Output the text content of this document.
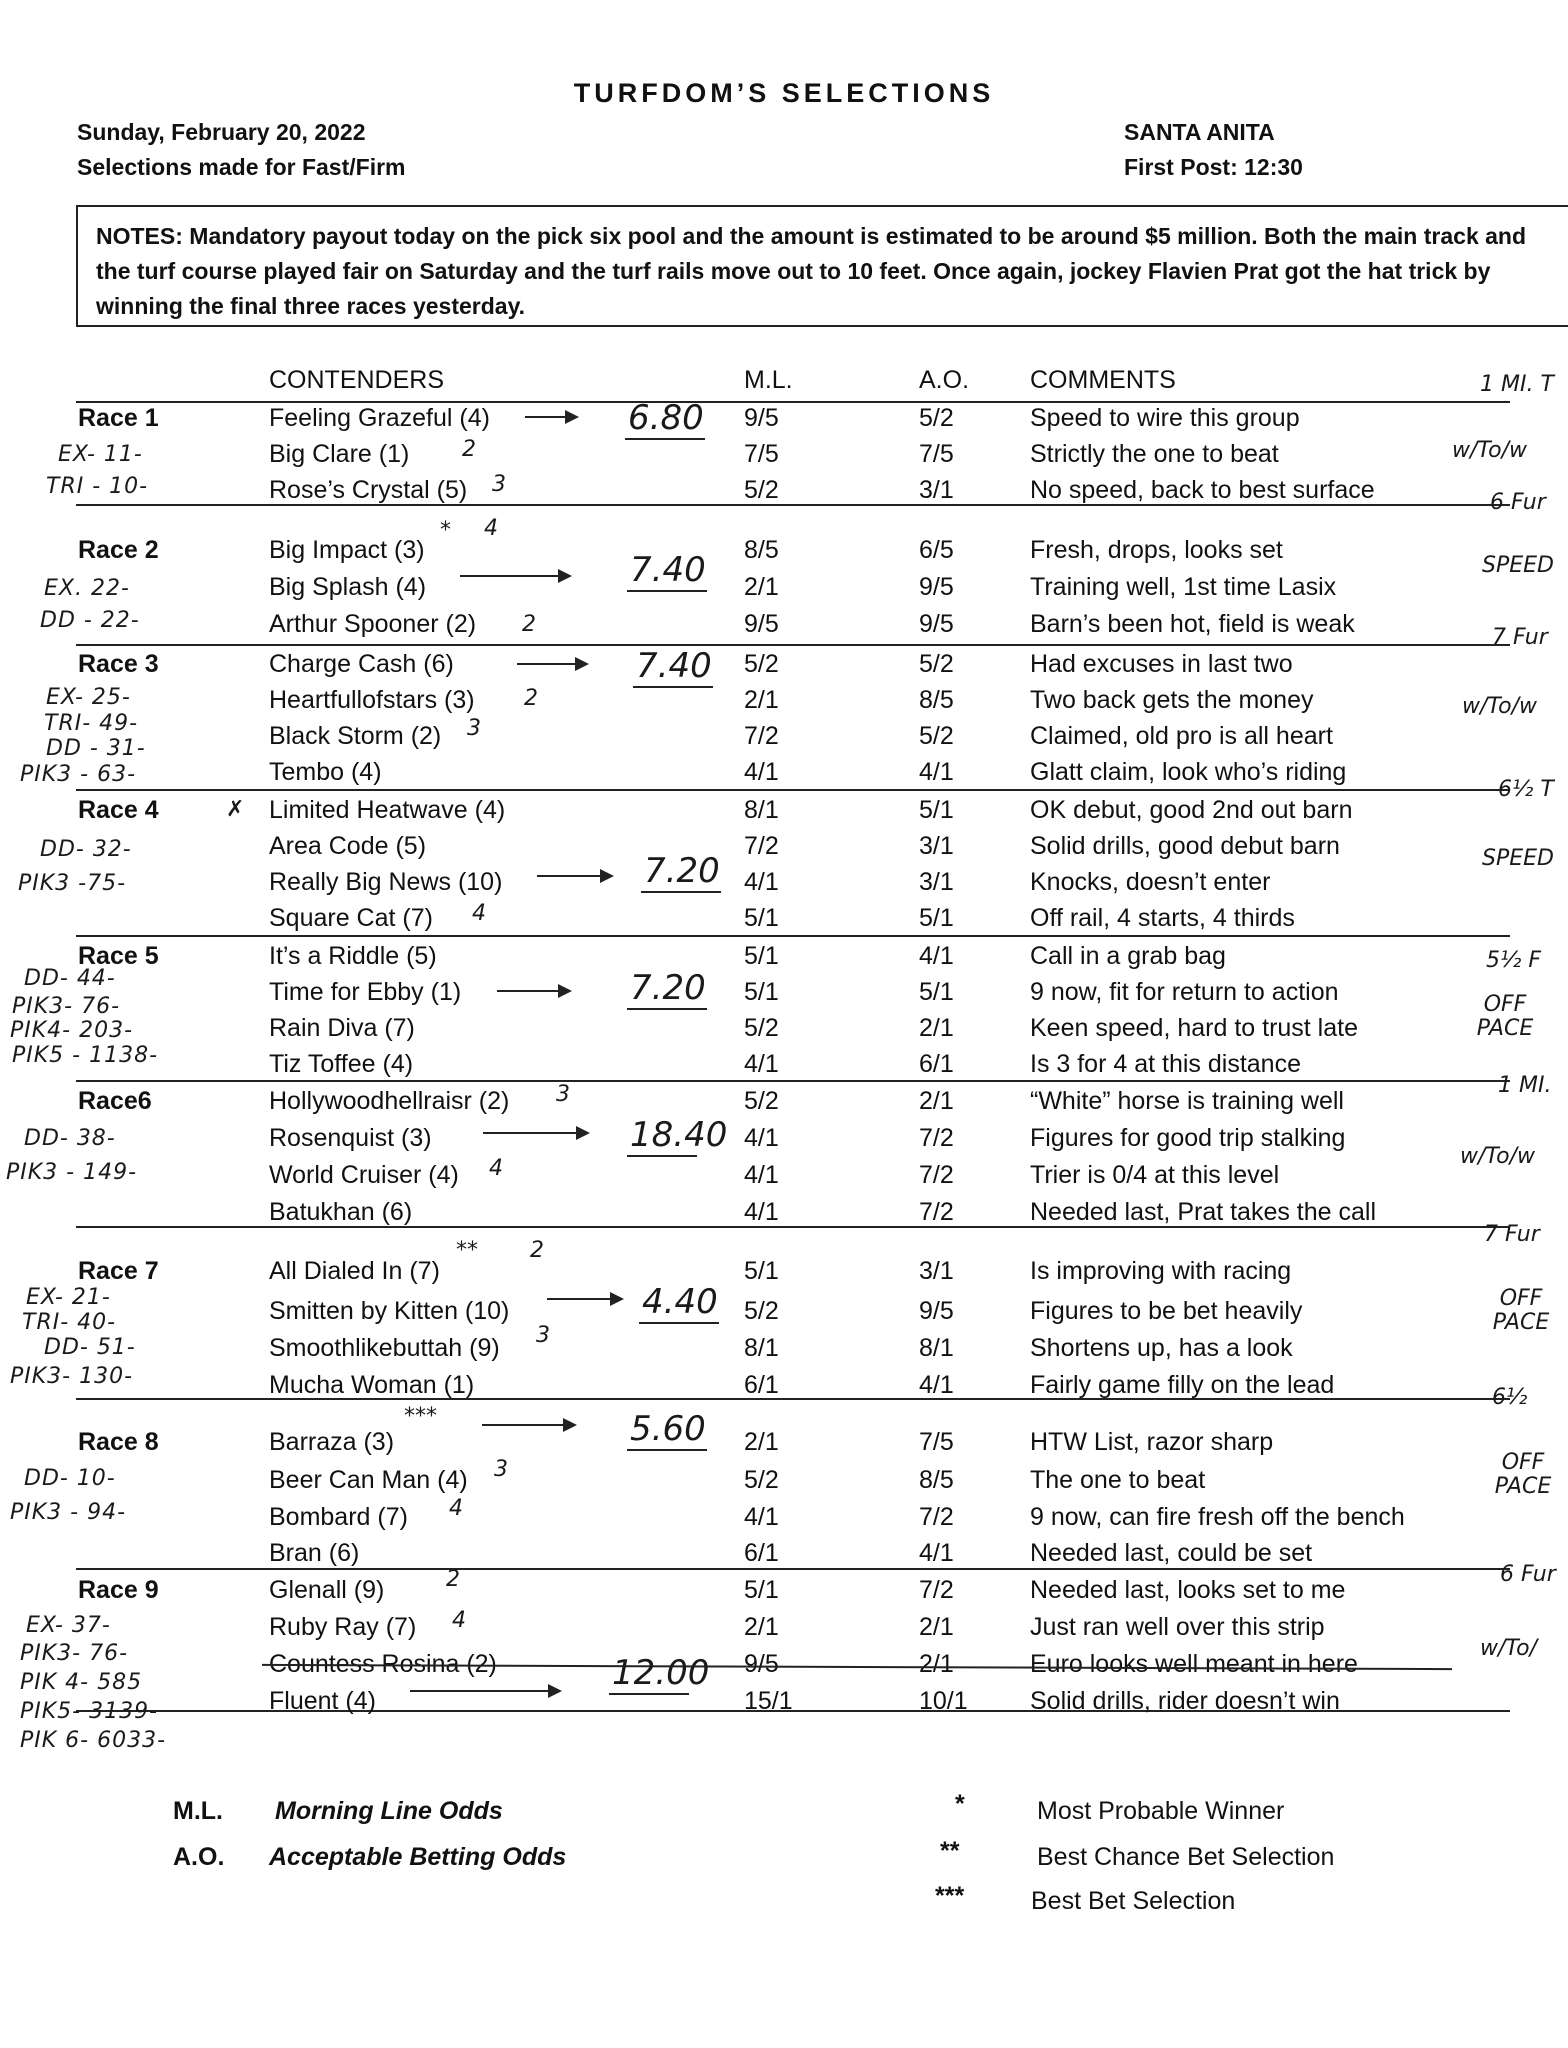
TURFDOM’S SELECTIONS
Sunday, February 20, 2022
Selections made for Fast/Firm
SANTA ANITA
First Post: 12:30
NOTES: Mandatory payout today on the pick six pool and the amount is estimated to be around $5 million. Both the main track and the turf course played fair on Saturday and the turf rails move out to 10 feet. Once again, jockey Flavien Prat got the hat trick by winning the final three races yesterday.
CONTENDERS	M.L.	A.O. COMMENTS
Race 1	Feeling Grazeful (4)	9/5	5/2	Speed to wire this group
Big Clare (1)	7/5	7/5	Strictly the one to beat
Rose’s Crystal (5)	5/2	3/1	No speed, back to best surface
Race 2	Big Impact (3)	8/5	6/5	Fresh, drops, looks set
Big Splash (4)	2/1	9/5	Training well, 1st time Lasix
Arthur Spooner (2)	9/5	9/5	Barn’s been hot, field is weak
Race 3	Charge Cash (6)	5/2	5/2	Had excuses in last two
Heartfullofstars (3)	2/1	8/5	Two back gets the money
Black Storm (2)	7/2	5/2	Claimed, old pro is all heart
Tembo (4)	4/1	4/1	Glatt claim, look who’s riding
Race 4	Limited Heatwave (4)	8/1	5/1	OK debut, good 2nd out barn
Area Code (5)	7/2	3/1	Solid drills, good debut barn
Really Big News (10)	4/1	3/1	Knocks, doesn’t enter
Square Cat (7)	5/1	5/1	Off rail, 4 starts, 4 thirds
Race 5	It’s a Riddle (5)	5/1	4/1	Call in a grab bag
Time for Ebby (1)	5/1	5/1	9 now, fit for return to action
Rain Diva (7)	5/2	2/1	Keen speed, hard to trust late
Tiz Toffee (4)	4/1	6/1	Is 3 for 4 at this distance
Race6	Hollywoodhellraisr (2)	5/2	2/1	“White” horse is training well
Rosenquist (3)	4/1	7/2	Figures for good trip stalking
World Cruiser (4)	4/1	7/2	Trier is 0/4 at this level
Batukhan (6)	4/1	7/2	Needed last, Prat takes the call
Race 7	All Dialed In (7)	5/1	3/1	Is improving with racing
Smitten by Kitten (10)	5/2	9/5	Figures to be bet heavily
Smoothlikebuttah (9)	8/1	8/1	Shortens up, has a look
Mucha Woman (1)	6/1	4/1	Fairly game filly on the lead
Race 8	Barraza (3)	2/1	7/5	HTW List, razor sharp
Beer Can Man (4)	5/2	8/5	The one to beat
Bombard (7)	4/1	7/2	9 now, can fire fresh off the bench
Bran (6)	6/1	4/1	Needed last, could be set
Race 9	Glenall (9)	5/1	7/2	Needed last, looks set to me
Ruby Ray (7)	2/1	2/1	Just ran well over this strip
Countess Rosina (2)	9/5	2/1	Euro looks well meant in here
Fluent (4)	15/1	10/1 Solid drills, rider doesn’t win
EX- 11-
TRI - 10-
EX. 22-
DD - 22-
EX- 25-
TRI- 49-
DD - 31-
PIK3 - 63-
DD- 32-
PIK3 -75-
DD- 44-
PIK3- 76-
PIK4- 203-
PIK5 - 1138-
DD- 38-
PIK3 - 149-
EX- 21-
TRI- 40-
DD- 51-
PIK3- 130-
DD- 10-
PIK3 - 94-
EX- 37-
PIK3- 76-
PIK 4- 585
PIK5- 3139-
PIK 6- 6033-
6.80
7.40
7.40
7.20
7.20
18.40
4.40
5.60
12.00
2
3
* 4
2
2
3
✗
4
3
4
** 2
3
***
3
4
2
4
1 MI. T
w/To/w
6 Fur
SPEED
7 Fur
w/To/w
6½ T
SPEED
5½ F
OFF PACE
1 MI.
w/To/w
7 Fur
OFF PACE
6½
OFF PACE
6 Fur
w/To/
M.L. Morning Line Odds
A.O. Acceptable Betting Odds
*	Most Probable Winner
**	Best Chance Bet Selection
***	Best Bet Selection
